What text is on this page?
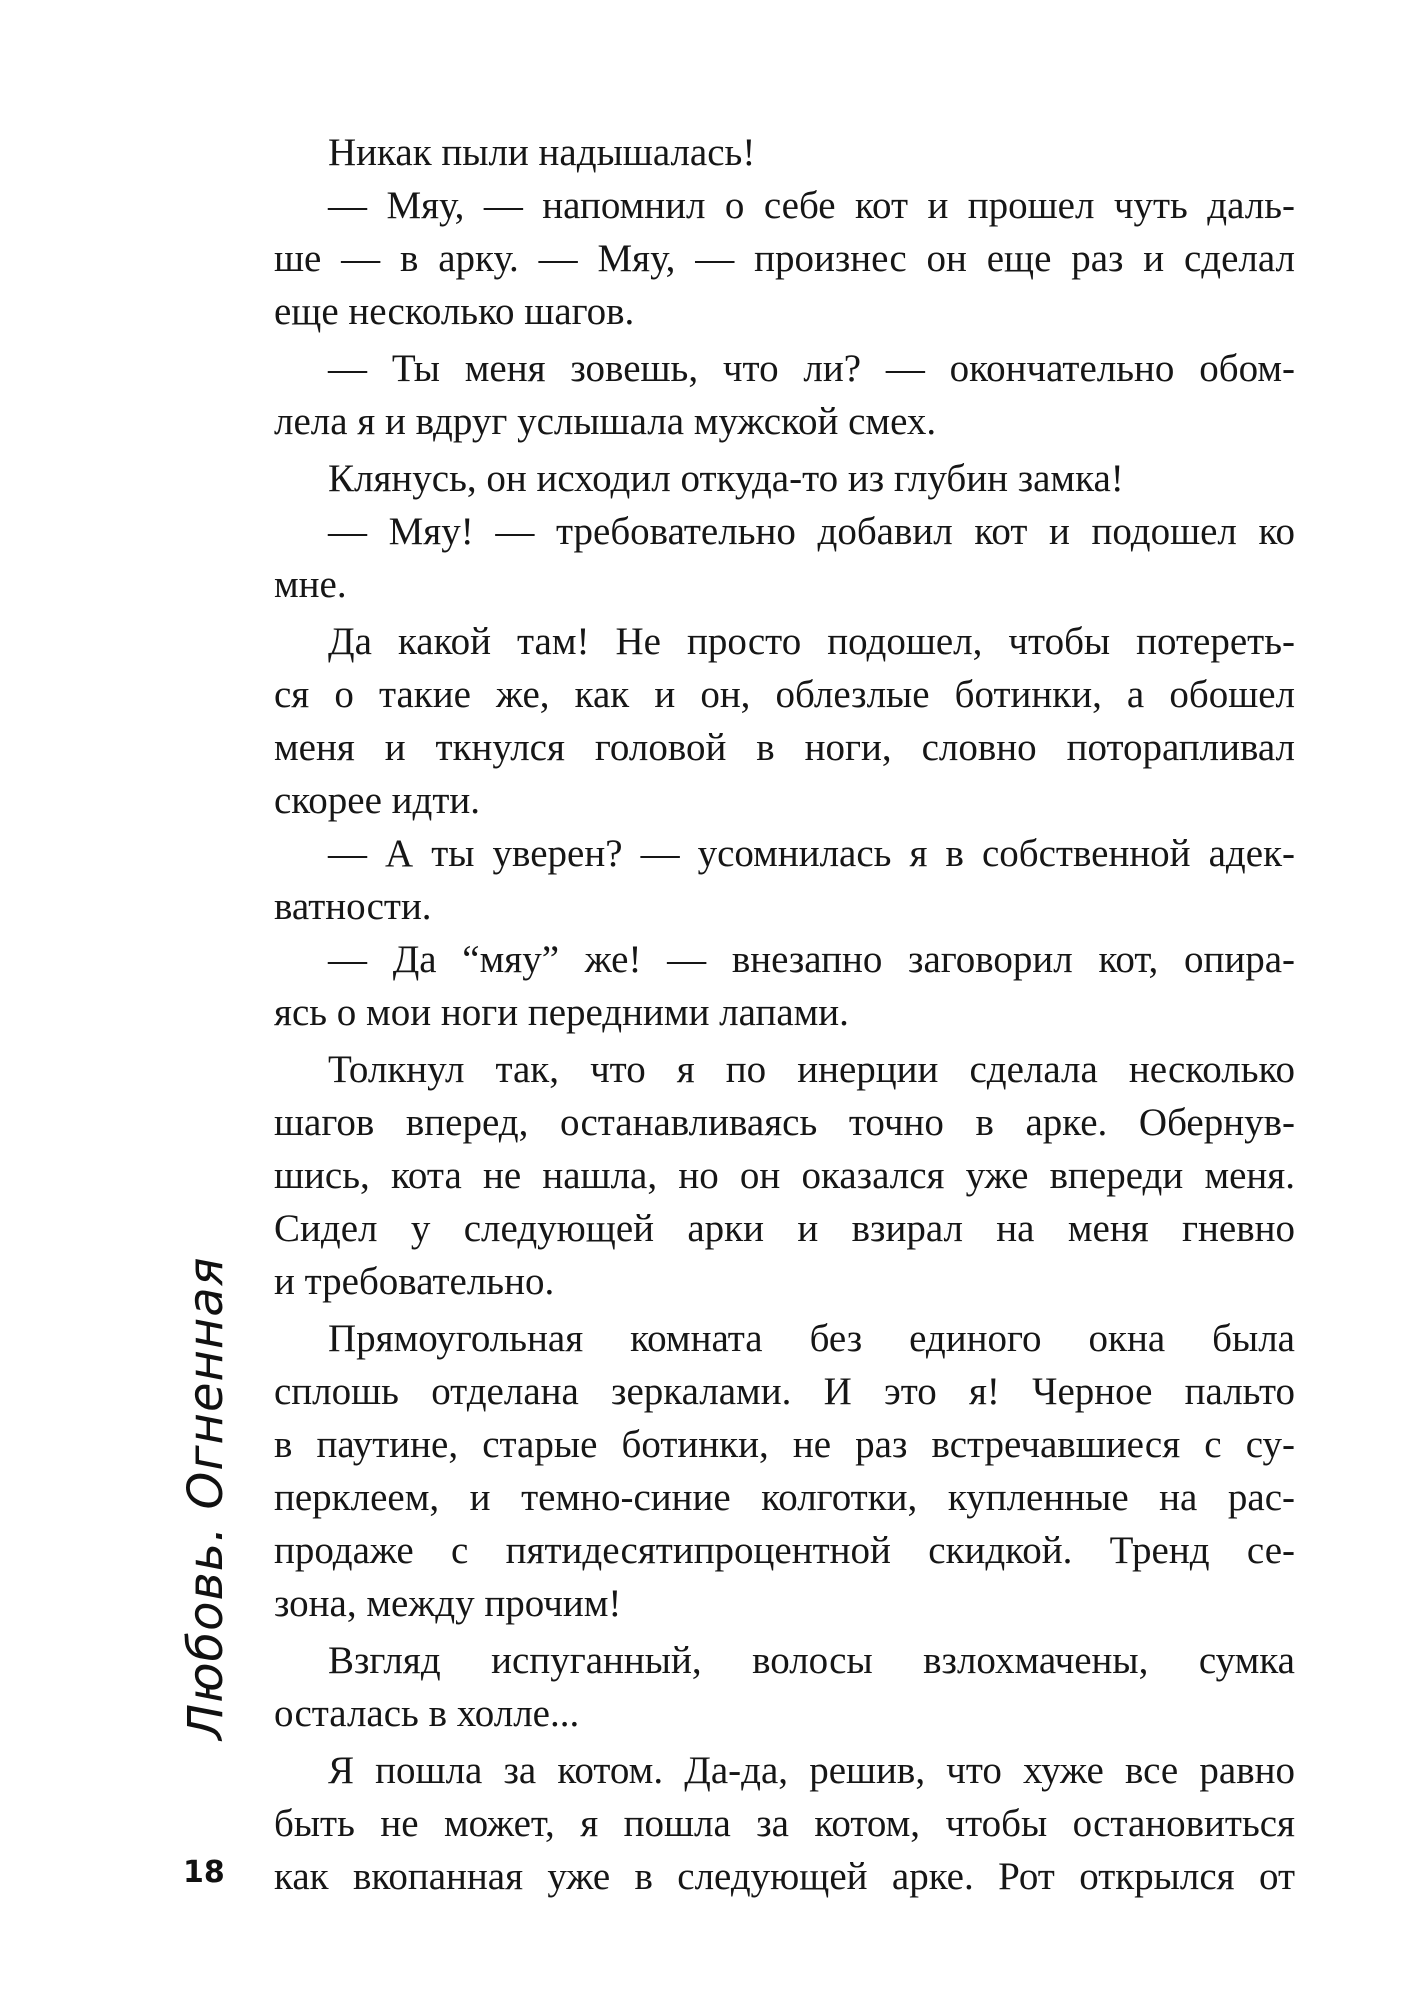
Никак пыли надышалась!
— Мяу, — напомнил о себе кот и прошел чуть даль-
ше — в арку. — Мяу, — произнес он еще раз и сделал
еще несколько шагов.
— Ты меня зовешь, что ли? — окончательно обом-
лела я и вдруг услышала мужской смех.
Клянусь, он исходил откуда-то из глубин замка!
— Мяу! — требовательно добавил кот и подошел ко
мне.
Да какой там! Не просто подошел, чтобы потереть-
ся о такие же, как и он, облезлые ботинки, а обошел
меня и ткнулся головой в ноги, словно поторапливал
скорее идти.
— А ты уверен? — усомнилась я в собственной адек-
ватности.
— Да “мяу” же! — внезапно заговорил кот, опира-
ясь о мои ноги передними лапами.
Толкнул так, что я по инерции сделала несколько
шагов вперед, останавливаясь точно в арке. Обернув-
шись, кота не нашла, но он оказался уже впереди меня.
Сидел у следующей арки и взирал на меня гневно
и требовательно.
Прямоугольная комната без единого окна была
сплошь отделана зеркалами. И это я! Черное пальто
в паутине, старые ботинки, не раз встречавшиеся с су-
перклеем, и темно-синие колготки, купленные на рас-
продаже с пятидесятипроцентной скидкой. Тренд се-
зона, между прочим!
Взгляд испуганный, волосы взлохмачены, сумка
осталась в холле...
Я пошла за котом. Да-да, решив, что хуже все равно
быть не может, я пошла за котом, чтобы остановиться
как вкопанная уже в следующей арке. Рот открылся от
Любовь. Огненная
18
